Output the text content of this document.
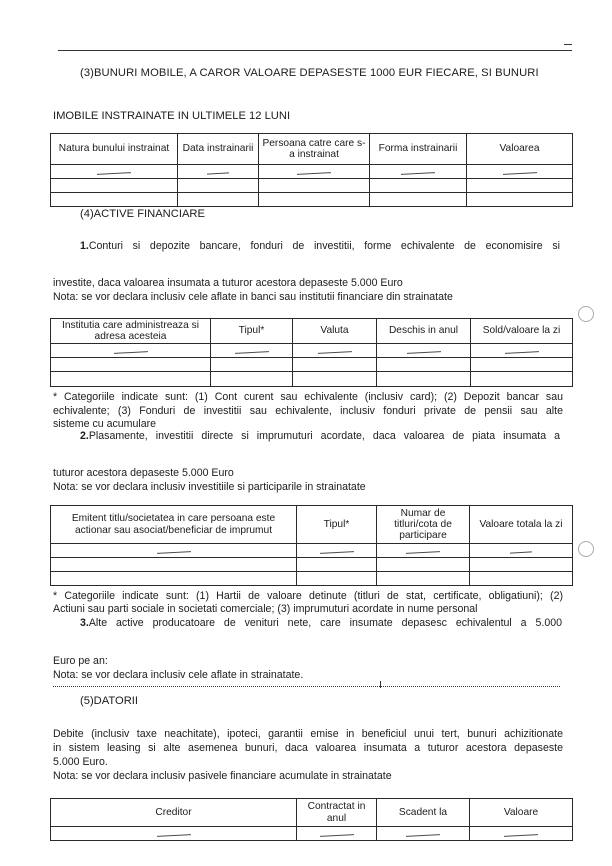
(3)BUNURI MOBILE, A CAROR VALOARE DEPASESTE 1000 EUR FIECARE, SI BUNURI
IMOBILE INSTRAINATE IN ULTIMELE 12 LUNI
Natura bunului instrainat	Data instrainarii	Persoana catre care s-a instrainat	Forma instrainarii	Valoarea

(4)ACTIVE FINANCIARE
1.Conturi si depozite bancare, fonduri de investitii, forme echivalente de economisire si
investite, daca valoarea insumata a tuturor acestora depaseste 5.000 Euro
Nota: se vor declara inclusiv cele aflate in banci sau institutii financiare din strainatate
Institutia care administreaza si adresa acesteia	Tipul*	Valuta	Deschis in anul	Sold/valoare la zi

* Categoriile indicate sunt: (1) Cont curent sau echivalente (inclusiv card); (2) Depozit bancar sau
echivalente; (3) Fonduri de investitii sau echivalente, inclusiv fonduri private de pensii sau alte
sisteme cu acumulare
2.Plasamente, investitii directe si imprumuturi acordate, daca valoarea de piata insumata a
tuturor acestora depaseste 5.000 Euro
Nota: se vor declara inclusiv investitiile si participarile in strainatate
Emitent titlu/societatea in care persoana este actionar sau asociat/beneficiar de imprumut	Tipul*	Numar de titluri/cota de participare	Valoare totala la zi

* Categoriile indicate sunt: (1) Hartii de valoare detinute (titluri de stat, certificate, obligatiuni); (2)
Actiuni sau parti sociale in societati comerciale; (3) imprumuturi acordate in nume personal
3.Alte active producatoare de venituri nete, care insumate depasesc echivalentul a 5.000
Euro pe an:
Nota: se vor declara inclusiv cele aflate in strainatate.
(5)DATORII
Debite (inclusiv taxe neachitate), ipoteci, garantii emise in beneficiul unui tert, bunuri achizitionate
in sistem leasing si alte asemenea bunuri, daca valoarea insumata a tuturor acestora depaseste
5.000 Euro.
Nota: se vor declara inclusiv pasivele financiare acumulate in strainatate
Creditor	Contractat in anul	Scadent la	Valoare
